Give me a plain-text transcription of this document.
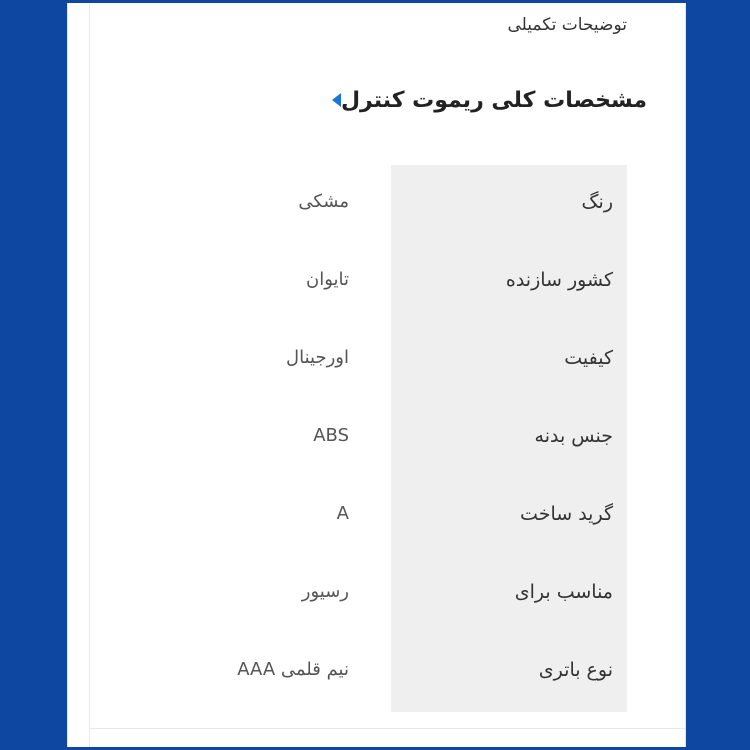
توضیحات تکمیلی
مشخصات کلی ریموت کنترل
رنگ
مشکی
کشور سازنده
تایوان
کیفیت
اورجینال
جنس بدنه
ABS
گرید ساخت
A
مناسب برای
رسیور
نوع باتری
نیم قلمی AAA
